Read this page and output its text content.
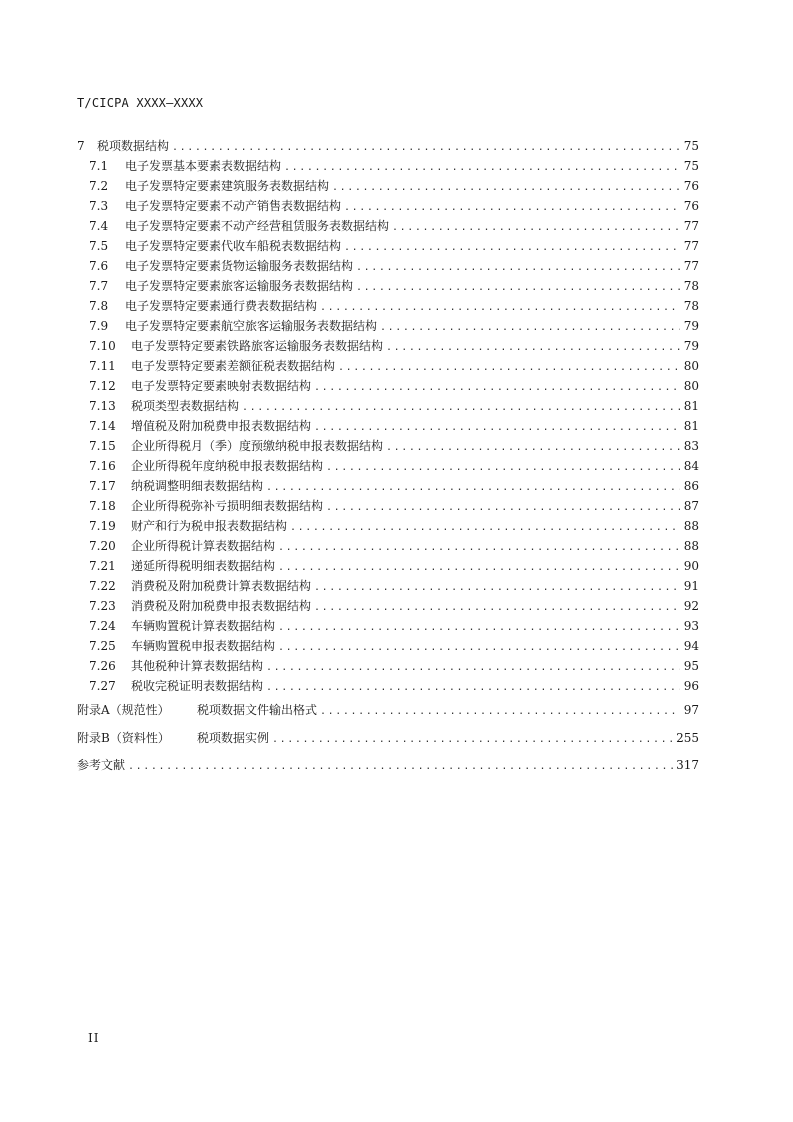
T/CICPA XXXX—XXXX
7	税项数据结构 .....	75
7.1	电子发票基本要素表数据结构 .....	75
7.2	电子发票特定要素建筑服务表数据结构 .....	76
7.3	电子发票特定要素不动产销售表数据结构 .....	76
7.4	电子发票特定要素不动产经营租赁服务表数据结构 .....	77
7.5	电子发票特定要素代收车船税表数据结构 .....	77
7.6	电子发票特定要素货物运输服务表数据结构 .....	77
7.7	电子发票特定要素旅客运输服务表数据结构 .....	78
7.8	电子发票特定要素通行费表数据结构 .....	78
7.9	电子发票特定要素航空旅客运输服务表数据结构 .....	79
7.10	电子发票特定要素铁路旅客运输服务表数据结构 .....	79
7.11	电子发票特定要素差额征税表数据结构 .....	80
7.12	电子发票特定要素映射表数据结构 .....	80
7.13	税项类型表数据结构 .....	81
7.14	增值税及附加税费申报表数据结构 .....	81
7.15	企业所得税月（季）度预缴纳税申报表数据结构 .....	83
7.16	企业所得税年度纳税申报表数据结构 .....	84
7.17	纳税调整明细表数据结构 .....	86
7.18	企业所得税弥补亏损明细表数据结构 .....	87
7.19	财产和行为税申报表数据结构 .....	88
7.20	企业所得税计算表数据结构 .....	88
7.21	递延所得税明细表数据结构 .....	90
7.22	消费税及附加税费计算表数据结构 .....	91
7.23	消费税及附加税费申报表数据结构 .....	92
7.24	车辆购置税计算表数据结构 .....	93
7.25	车辆购置税申报表数据结构 .....	94
7.26	其他税种计算表数据结构 .....	95
7.27	税收完税证明表数据结构 .....	96
附录A（规范性）	税项数据文件输出格式 .....	97
附录B（资料性）	税项数据实例 .....	255
参考文献 .....	317
II
